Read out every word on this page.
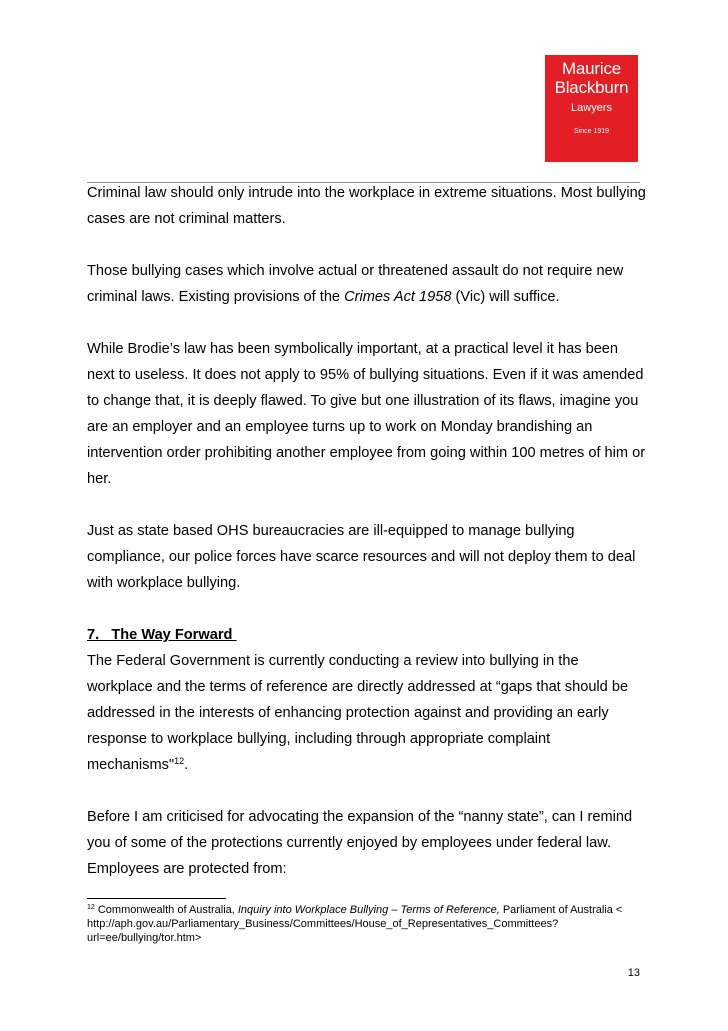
Maurice
Blackburn
Lawyers
Since 1919

Criminal law should only intrude into the workplace in extreme situations. Most bullying cases are not criminal matters.

Those bullying cases which involve actual or threatened assault do not require new criminal laws. Existing provisions of the Crimes Act 1958 (Vic) will suffice.

While Brodie’s law has been symbolically important, at a practical level it has been next to useless. It does not apply to 95% of bullying situations. Even if it was amended to change that, it is deeply flawed. To give but one illustration of its flaws, imagine you are an employer and an employee turns up to work on Monday brandishing an intervention order prohibiting another employee from going within 100 metres of him or her.

Just as state based OHS bureaucracies are ill-equipped to manage bullying compliance, our police forces have scarce resources and will not deploy them to deal with workplace bullying.

7.   The Way Forward

The Federal Government is currently conducting a review into bullying in the workplace and the terms of reference are directly addressed at “gaps that should be addressed in the interests of enhancing protection against and providing an early response to workplace bullying, including through appropriate complaint mechanisms"$^{12}$.

Before I am criticised for advocating the expansion of the “nanny state”, can I remind you of some of the protections currently enjoyed by employees under federal law. Employees are protected from:

$^{12}$ Commonwealth of Australia, Inquiry into Workplace Bullying – Terms of Reference, Parliament of Australia < http://aph.gov.au/Parliamentary_Business/Committees/House_of_Representatives_Committees?url=ee/bullying/tor.htm>
13
